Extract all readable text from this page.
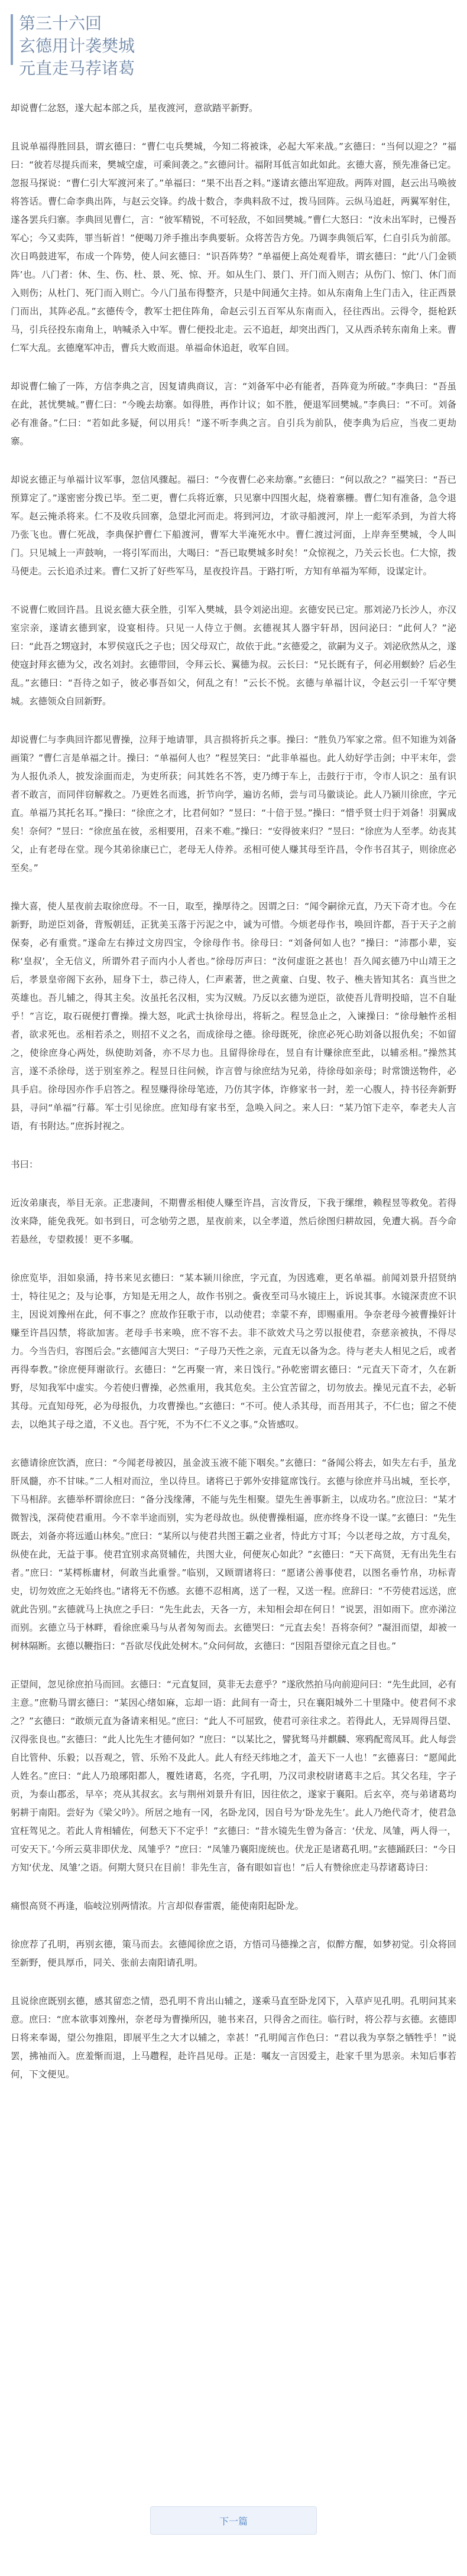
第三十六回
玄德用计袭樊城
元直走马荐诸葛

却说曹仁忿怒，遂大起本部之兵，星夜渡河，意欲踏平新野。

且说单福得胜回县，谓玄德曰：“曹仁屯兵樊城，今知二将被诛，必起大军来战。”玄德曰：“当何以迎之？”福曰：“彼若尽提兵而来，樊城空虚，可乘间袭之。”玄德问计。福附耳低言如此如此。玄德大喜，预先准备已定。忽报马探说：“曹仁引大军渡河来了。”单福曰：“果不出吾之料。”遂请玄德出军迎敌。两阵对圆，赵云出马唤彼将答话。曹仁命李典出阵，与赵云交锋。约战十数合，李典料敌不过，拨马回阵。云纵马追赶，两翼军射住，遂各罢兵归寨。李典回见曹仁，言：“彼军精锐，不可轻敌，不如回樊城。”曹仁大怒曰：“汝未出军时，已慢吾军心；今又卖阵，罪当斩首！”便喝刀斧手推出李典要斩。众将苦告方免。乃调李典领后军，仁自引兵为前部。次日鸣鼓进军，布成一个阵势，使人问玄德曰：“识吾阵势？”单福便上高处观看毕，谓玄德曰：“此‘八门金锁阵’也。八门者：休、生、伤、杜、景、死、惊、开。如从生门、景门、开门而入则吉；从伤门、惊门、休门而入则伤；从杜门、死门而入则亡。今八门虽布得整齐，只是中间通欠主持。如从东南角上生门击入，往正西景门而出，其阵必乱。”玄德传令，教军士把住阵角，命赵云引五百军从东南而入，径往西出。云得令，挺枪跃马，引兵径投东南角上，呐喊杀入中军。曹仁便投北走。云不追赶，却突出西门，又从西杀转东南角上来。曹仁军大乱。玄德麾军冲击，曹兵大败而退。单福命休追赶，收军自回。

却说曹仁输了一阵，方信李典之言，因复请典商议，言：“刘备军中必有能者，吾阵竟为所破。”李典曰：“吾虽在此，甚忧樊城。”曹仁曰：“今晚去劫寨。如得胜，再作计议；如不胜，便退军回樊城。”李典曰：“不可。刘备必有准备。”仁曰：“若如此多疑，何以用兵！”遂不听李典之言。自引兵为前队，使李典为后应，当夜二更劫寨。

却说玄德正与单福计议军事，忽信风骤起。福曰：“今夜曹仁必来劫寨。”玄德曰：“何以敌之？”福笑曰：“吾已预算定了。”遂密密分拨已毕。至二更，曹仁兵将近寨，只见寨中四围火起，烧着寨栅。曹仁知有准备，急令退军。赵云掩杀将来。仁不及收兵回寨，急望北河而走。将到河边，才欲寻船渡河，岸上一彪军杀到，为首大将乃张飞也。曹仁死战，李典保护曹仁下船渡河，曹军大半淹死水中。曹仁渡过河面，上岸奔至樊城，令人叫门。只见城上一声鼓响，一将引军而出，大喝曰：“吾已取樊城多时矣！”众惊视之，乃关云长也。仁大惊，拨马便走。云长追杀过来。曹仁又折了好些军马，星夜投许昌。于路打听，方知有单福为军师，设谋定计。

不说曹仁败回许昌。且说玄德大获全胜，引军入樊城，县令刘泌出迎。玄德安民已定。那刘泌乃长沙人，亦汉室宗亲，遂请玄德到家，设宴相待。只见一人侍立于侧。玄德视其人器宇轩昂，因问泌曰：“此何人？”泌曰：“此吾之甥寇封，本罗侯寇氏之子也；因父母双亡，故依于此。”玄德爱之，欲嗣为义子。刘泌欣然从之，遂使寇封拜玄德为父，改名刘封。玄德带回，令拜云长、翼德为叔。云长曰：“兄长既有子，何必用螟蛉？后必生乱。”玄德曰：“吾待之如子，彼必事吾如父，何乱之有！”云长不悦。玄德与单福计议，令赵云引一千军守樊城。玄德领众自回新野。

却说曹仁与李典回许都见曹操，泣拜于地请罪，具言损将折兵之事。操曰：“胜负乃军家之常。但不知谁为刘备画策？”曹仁言是单福之计。操曰：“单福何人也？”程昱笑曰：“此非单福也。此人幼好学击剑；中平末年，尝为人报仇杀人，披发涂面而走，为吏所获；问其姓名不答，吏乃缚于车上，击鼓行于市，令市人识之：虽有识者不敢言，而同伴窃解救之。乃更姓名而逃，折节向学，遍访名师，尝与司马徽谈论。此人乃颍川徐庶，字元直。单福乃其托名耳。”操曰：“徐庶之才，比君何如？”昱曰：“十倍于昱。”操曰：“惜乎贤士归于刘备！羽翼成矣！奈何？”昱曰：“徐庶虽在彼，丞相要用，召来不难。”操曰：“安得彼来归？”昱曰：“徐庶为人至孝。幼丧其父，止有老母在堂。现今其弟徐康已亡，老母无人侍养。丞相可使人赚其母至许昌，令作书召其子，则徐庶必至矣。”

操大喜，使人星夜前去取徐庶母。不一日，取至，操厚待之。因谓之曰：“闻令嗣徐元直，乃天下奇才也。今在新野，助逆臣刘备，背叛朝廷，正犹美玉落于污泥之中，诚为可惜。今烦老母作书，唤回许都，吾于天子之前保奏，必有重赏。”遂命左右捧过文房四宝，令徐母作书。徐母曰：“刘备何如人也？”操曰：“沛郡小辈，妄称‘皇叔’，全无信义，所谓外君子而内小人者也。”徐母厉声曰：“汝何虚诳之甚也！吾久闻玄德乃中山靖王之后，孝景皇帝阁下玄孙，屈身下士，恭己待人，仁声素著，世之黄童、白叟、牧子、樵夫皆知其名：真当世之英雄也。吾儿辅之，得其主矣。汝虽托名汉相，实为汉贼。乃反以玄德为逆臣，欲使吾儿背明投暗，岂不自耻乎！”言讫，取石砚便打曹操。操大怒，叱武士执徐母出，将斩之。程昱急止之，入谏操曰：“徐母触忤丞相者，欲求死也。丞相若杀之，则招不义之名，而成徐母之德。徐母既死，徐庶必死心助刘备以报仇矣；不如留之，使徐庶身心两处，纵使助刘备，亦不尽力也。且留得徐母在，昱自有计赚徐庶至此，以辅丞相。”操然其言，遂不杀徐母，送于别室养之。程昱日往问候，诈言曾与徐庶结为兄弟，待徐母如亲母；时常馈送物件，必具手启。徐母因亦作手启答之。程昱赚得徐母笔迹，乃仿其字体，诈修家书一封，差一心腹人，持书径奔新野县，寻问“单福”行幕。军士引见徐庶。庶知母有家书至，急唤入问之。来人曰：“某乃馆下走卒，奉老夫人言语，有书附达。”庶拆封视之。

书曰：

近汝弟康丧，举目无亲。正悲凄间，不期曹丞相使人赚至许昌，言汝背反，下我于缧绁，赖程昱等救免。若得汝来降，能免我死。如书到日，可念劬劳之恩，星夜前来，以全孝道，然后徐图归耕故园，免遭大祸。吾今命若悬丝，专望救援！更不多嘱。

徐庶览毕，泪如泉涌，持书来见玄德曰：“某本颍川徐庶，字元直，为因逃难，更名单福。前闻刘景升招贤纳士，特往见之；及与论事，方知是无用之人，故作书别之。夤夜至司马水镜庄上，诉说其事。水镜深责庶不识主，因说刘豫州在此，何不事之？庶故作狂歌于市，以动使君；幸蒙不弃，即赐重用。争奈老母今被曹操奸计赚至许昌囚禁，将欲加害。老母手书来唤，庶不容不去。非不欲效犬马之劳以报使君，奈慈亲被执，不得尽力。今当告归，容图后会。”玄德闻言大哭曰：“子母乃天性之亲，元直无以备为念。待与老夫人相见之后，或者再得奉教。”徐庶便拜谢欲行。玄德曰：“乞再聚一宵，来日饯行。”孙乾密谓玄德曰：“元直天下奇才，久在新野，尽知我军中虚实。今若使归曹操，必然重用，我其危矣。主公宜苦留之，切勿放去。操见元直不去，必斩其母。元直知母死，必为母报仇，力攻曹操也。”玄德曰：“不可。使人杀其母，而吾用其子，不仁也；留之不使去，以绝其子母之道，不义也。吾宁死，不为不仁不义之事。”众皆感叹。

玄德请徐庶饮酒，庶曰：“今闻老母被囚，虽金波玉液不能下咽矣。”玄德曰：“备闻公将去，如失左右手，虽龙肝凤髓，亦不甘味。”二人相对而泣，坐以待旦。诸将已于郭外安排筵席饯行。玄德与徐庶并马出城，至长亭，下马相辞。玄德举杯谓徐庶曰：“备分浅缘薄，不能与先生相聚。望先生善事新主，以成功名。”庶泣曰：“某才微智浅，深荷使君重用。今不幸半途而别，实为老母故也。纵使曹操相逼，庶亦终身不设一谋。”玄德曰：“先生既去，刘备亦将远遁山林矣。”庶曰：“某所以与使君共图王霸之业者，恃此方寸耳；今以老母之故，方寸乱矣，纵使在此，无益于事。使君宜别求高贤辅佐，共图大业，何便灰心如此？”玄德曰：“天下高贤，无有出先生右者。”庶曰：“某樗栎庸材，何敢当此重誉。”临别，又顾谓诸将曰：“愿诸公善事使君，以图名垂竹帛，功标青史，切勿效庶之无始终也。”诸将无不伤感。玄德不忍相离，送了一程，又送一程。庶辞曰：“不劳使君远送，庶就此告别。”玄德就马上执庶之手曰：“先生此去，天各一方，未知相会却在何日！”说罢，泪如雨下。庶亦涕泣而别。玄德立马于林畔，看徐庶乘马与从者匆匆而去。玄德哭曰：“元直去矣！吾将奈何？”凝泪而望，却被一树林隔断。玄德以鞭指曰：“吾欲尽伐此处树木。”众问何故，玄德曰：“因阻吾望徐元直之目也。”

正望间，忽见徐庶拍马而回。玄德曰：“元直复回，莫非无去意乎？”遂欣然拍马向前迎问曰：“先生此回，必有主意。”庶勒马谓玄德曰：“某因心绪如麻，忘却一语：此间有一奇士，只在襄阳城外二十里隆中。使君何不求之？”玄德曰：“敢烦元直为备请来相见。”庶曰：“此人不可屈致，使君可亲往求之。若得此人，无异周得吕望、汉得张良也。”玄德曰：“此人比先生才德何如？”庶曰：“以某比之，譬犹驽马并麒麟、寒鸦配鸾凤耳。此人每尝自比管仲、乐毅；以吾观之，管、乐殆不及此人。此人有经天纬地之才，盖天下一人也！”玄德喜曰：“愿闻此人姓名。”庶曰：“此人乃琅琊阳都人，覆姓诸葛，名亮，字孔明，乃汉司隶校尉诸葛丰之后。其父名珪，字子贡，为泰山郡丞，早卒；亮从其叔玄。玄与荆州刘景升有旧，因往依之，遂家于襄阳。后玄卒，亮与弟诸葛均躬耕于南阳。尝好为《梁父吟》。所居之地有一冈，名卧龙冈，因自号为‘卧龙先生’。此人乃绝代奇才，使君急宜枉驾见之。若此人肯相辅佐，何愁天下不定乎！”玄德曰：“昔水镜先生曾为备言：‘伏龙、凤雏，两人得一，可安天下。’今所云莫非即伏龙、凤雏乎？”庶曰：“凤雏乃襄阳庞统也。伏龙正是诸葛孔明。”玄德踊跃曰：“今日方知‘伏龙、凤雏’之语。何期大贤只在目前！非先生言，备有眼如盲也！”后人有赞徐庶走马荐诸葛诗曰：

痛恨高贤不再逢，临岐泣别两情浓。片言却似春雷震，能使南阳起卧龙。

徐庶荐了孔明，再别玄德，策马而去。玄德闻徐庶之语，方悟司马德操之言，似醉方醒，如梦初觉。引众将回至新野，便具厚币，同关、张前去南阳请孔明。

且说徐庶既别玄德，感其留恋之情，恐孔明不肯出山辅之，遂乘马直至卧龙冈下，入草庐见孔明。孔明问其来意。庶曰：“庶本欲事刘豫州，奈老母为曹操所囚，驰书来召，只得舍之而往。临行时，将公荐与玄德。玄德即日将来奉谒，望公勿推阻，即展平生之大才以辅之，幸甚！”孔明闻言作色曰：“君以我为享祭之牺牲乎！”说罢，拂袖而入。庶羞惭而退，上马趱程，赴许昌见母。正是：嘱友一言因爱主，赴家千里为思亲。未知后事若何，下文便见。

下一篇
